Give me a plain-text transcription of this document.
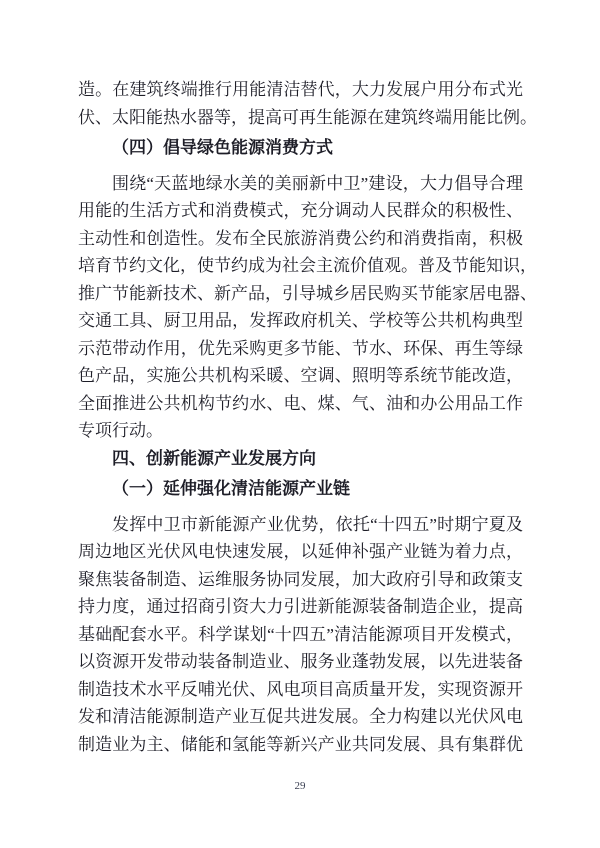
造。在建筑终端推行用能清洁替代，大力发展户用分布式光
伏、太阳能热水器等，提高可再生能源在建筑终端用能比例。
（四）倡导绿色能源消费方式
围绕“天蓝地绿水美的美丽新中卫”建设，大力倡导合理
用能的生活方式和消费模式，充分调动人民群众的积极性、
主动性和创造性。发布全民旅游消费公约和消费指南，积极
培育节约文化，使节约成为社会主流价值观。普及节能知识，
推广节能新技术、新产品，引导城乡居民购买节能家居电器、
交通工具、厨卫用品，发挥政府机关、学校等公共机构典型
示范带动作用，优先采购更多节能、节水、环保、再生等绿
色产品，实施公共机构采暖、空调、照明等系统节能改造，
全面推进公共机构节约水、电、煤、气、油和办公用品工作
专项行动。
四、创新能源产业发展方向
（一）延伸强化清洁能源产业链
发挥中卫市新能源产业优势，依托“十四五”时期宁夏及
周边地区光伏风电快速发展，以延伸补强产业链为着力点，
聚焦装备制造、运维服务协同发展，加大政府引导和政策支
持力度，通过招商引资大力引进新能源装备制造企业，提高
基础配套水平。科学谋划“十四五”清洁能源项目开发模式，
以资源开发带动装备制造业、服务业蓬勃发展，以先进装备
制造技术水平反哺光伏、风电项目高质量开发，实现资源开
发和清洁能源制造产业互促共进发展。全力构建以光伏风电
制造业为主、储能和氢能等新兴产业共同发展、具有集群优
29
